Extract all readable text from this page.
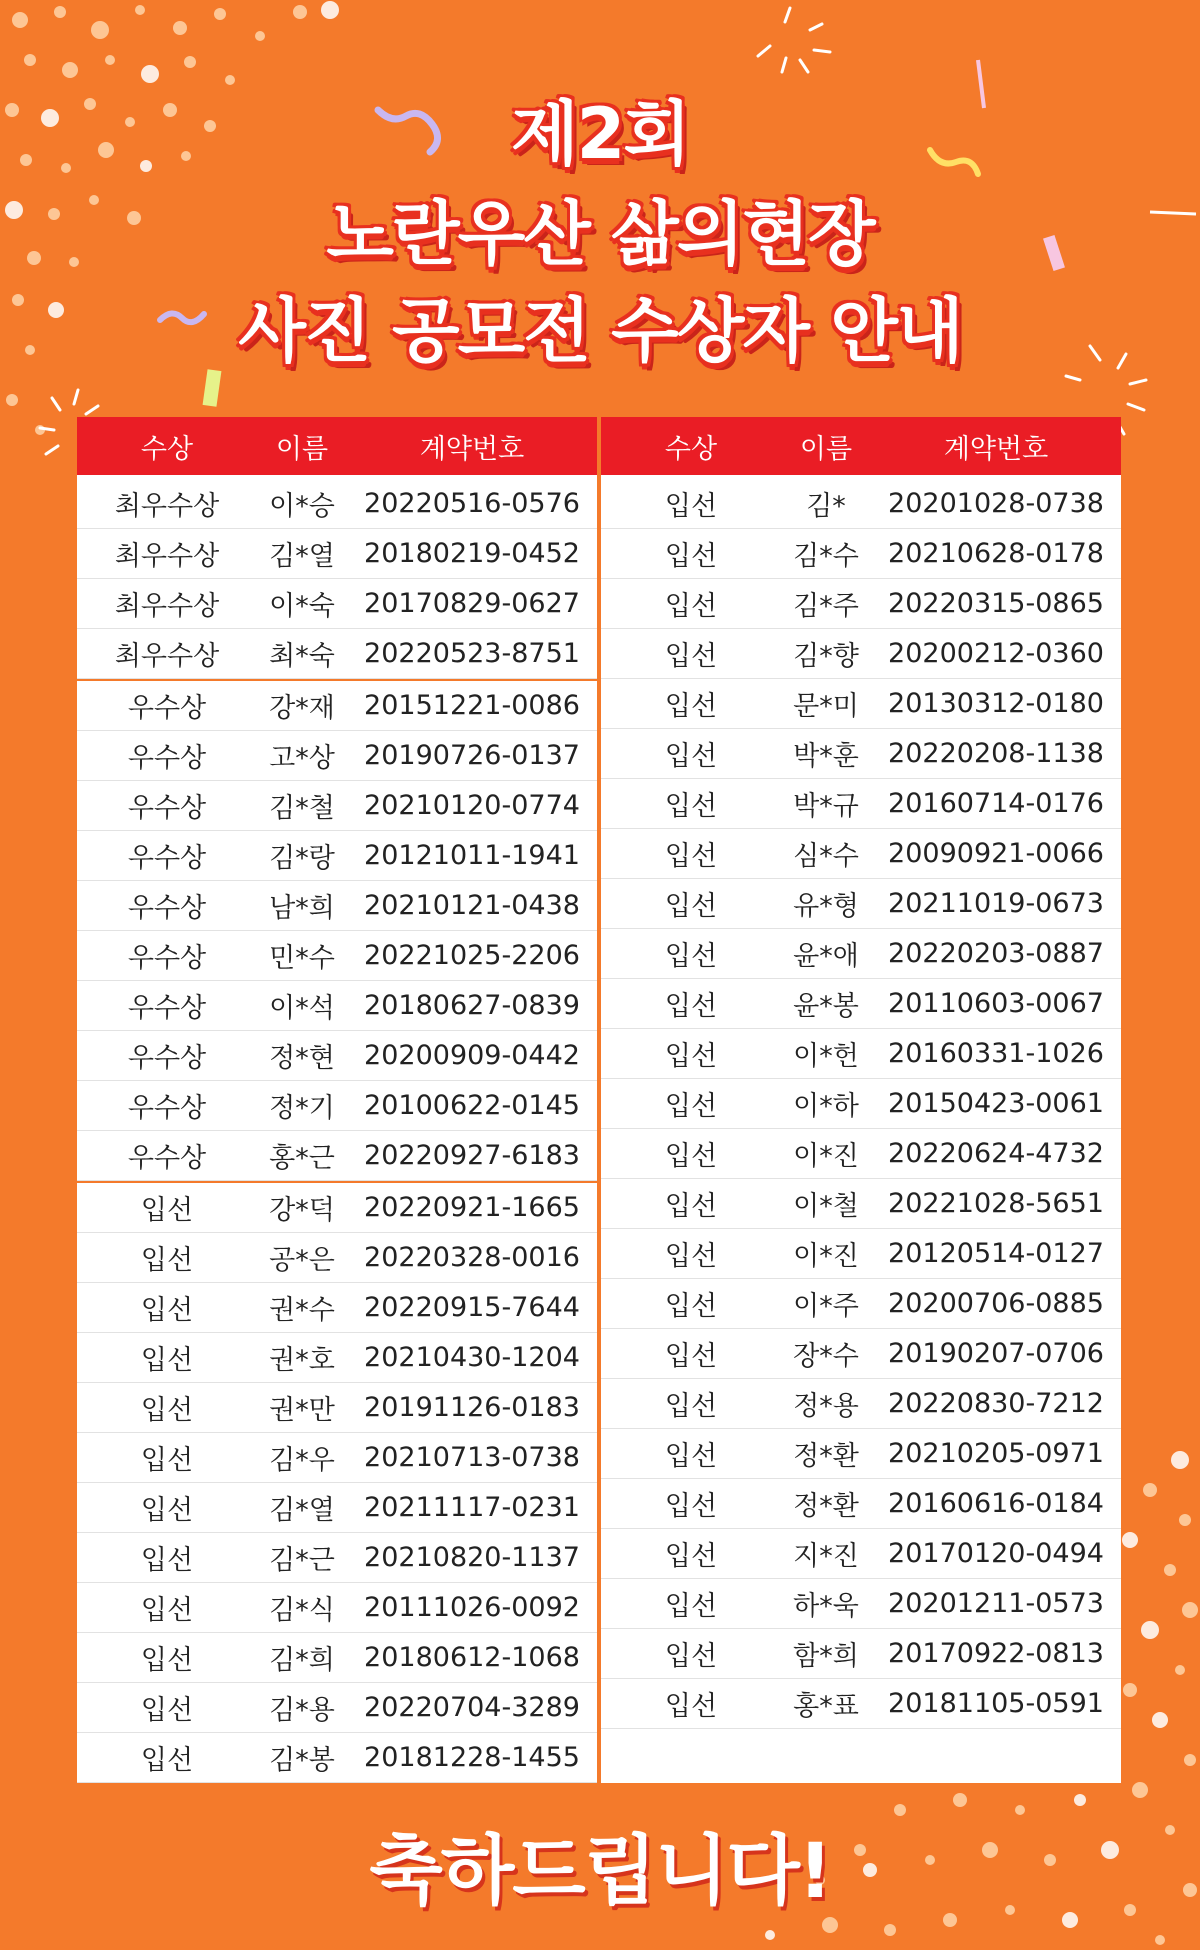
제2회
노란우산 삶의현장
사진 공모전 수상자 안내
수상	이름	계약번호
최우수상	이*승	20220516-0576
최우수상	김*열	20180219-0452
최우수상	이*숙	20170829-0627
최우수상	최*숙	20220523-8751
우수상	강*재	20151221-0086
우수상	고*상	20190726-0137
우수상	김*철	20210120-0774
우수상	김*랑	20121011-1941
우수상	남*희	20210121-0438
우수상	민*수	20221025-2206
우수상	이*석	20180627-0839
우수상	정*현	20200909-0442
우수상	정*기	20100622-0145
우수상	홍*근	20220927-6183
입선	강*덕	20220921-1665
입선	공*은	20220328-0016
입선	권*수	20220915-7644
입선	권*호	20210430-1204
입선	권*만	20191126-0183
입선	김*우	20210713-0738
입선	김*열	20211117-0231
입선	김*근	20210820-1137
입선	김*식	20111026-0092
입선	김*희	20180612-1068
입선	김*용	20220704-3289
입선	김*봉	20181228-1455
수상	이름	계약번호
입선	김*	20201028-0738
입선	김*수	20210628-0178
입선	김*주	20220315-0865
입선	김*향	20200212-0360
입선	문*미	20130312-0180
입선	박*훈	20220208-1138
입선	박*규	20160714-0176
입선	심*수	20090921-0066
입선	유*형	20211019-0673
입선	윤*애	20220203-0887
입선	윤*봉	20110603-0067
입선	이*헌	20160331-1026
입선	이*하	20150423-0061
입선	이*진	20220624-4732
입선	이*철	20221028-5651
입선	이*진	20120514-0127
입선	이*주	20200706-0885
입선	장*수	20190207-0706
입선	정*용	20220830-7212
입선	정*환	20210205-0971
입선	정*환	20160616-0184
입선	지*진	20170120-0494
입선	하*욱	20201211-0573
입선	함*희	20170922-0813
입선	홍*표	20181105-0591
축하드립니다!
